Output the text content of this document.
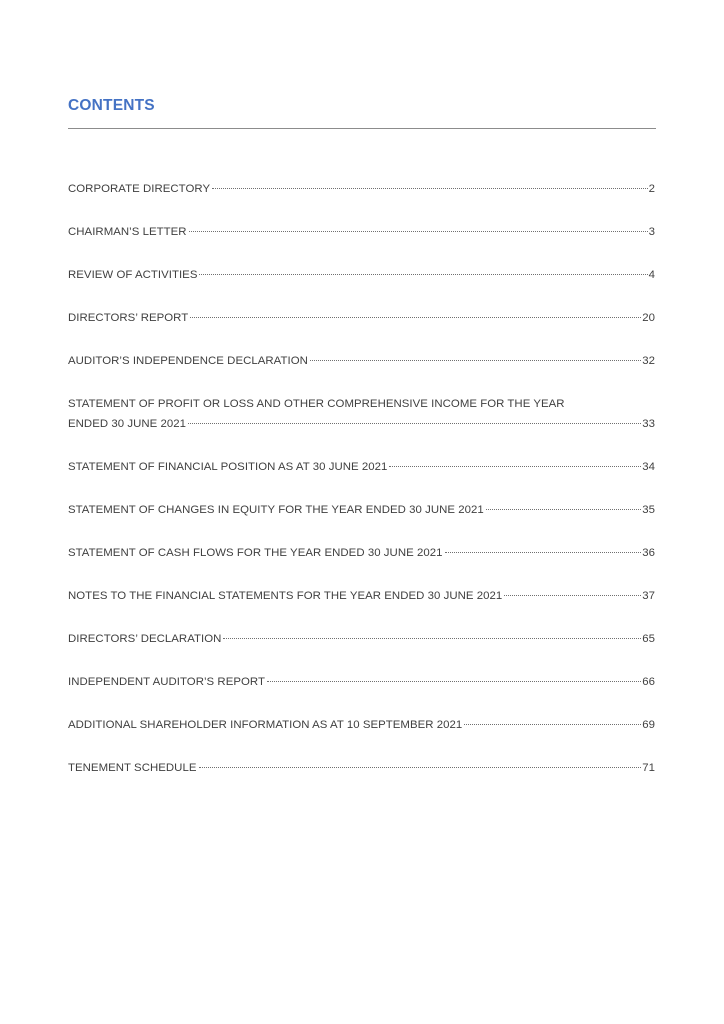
CONTENTS
CORPORATE DIRECTORY	2
CHAIRMAN’S LETTER	3
REVIEW OF ACTIVITIES	4
DIRECTORS’ REPORT	20
AUDITOR’S INDEPENDENCE DECLARATION	32
STATEMENT OF PROFIT OR LOSS AND OTHER COMPREHENSIVE INCOME FOR THE YEAR
ENDED 30 JUNE 2021	33
STATEMENT OF FINANCIAL POSITION AS AT 30 JUNE 2021	34
STATEMENT OF CHANGES IN EQUITY FOR THE YEAR ENDED 30 JUNE 2021	35
STATEMENT OF CASH FLOWS FOR THE YEAR ENDED 30 JUNE 2021	36
NOTES TO THE FINANCIAL STATEMENTS FOR THE YEAR ENDED 30 JUNE 2021	37
DIRECTORS’ DECLARATION	65
INDEPENDENT AUDITOR’S REPORT	66
ADDITIONAL SHAREHOLDER INFORMATION AS AT 10 SEPTEMBER 2021	69
TENEMENT SCHEDULE	71
